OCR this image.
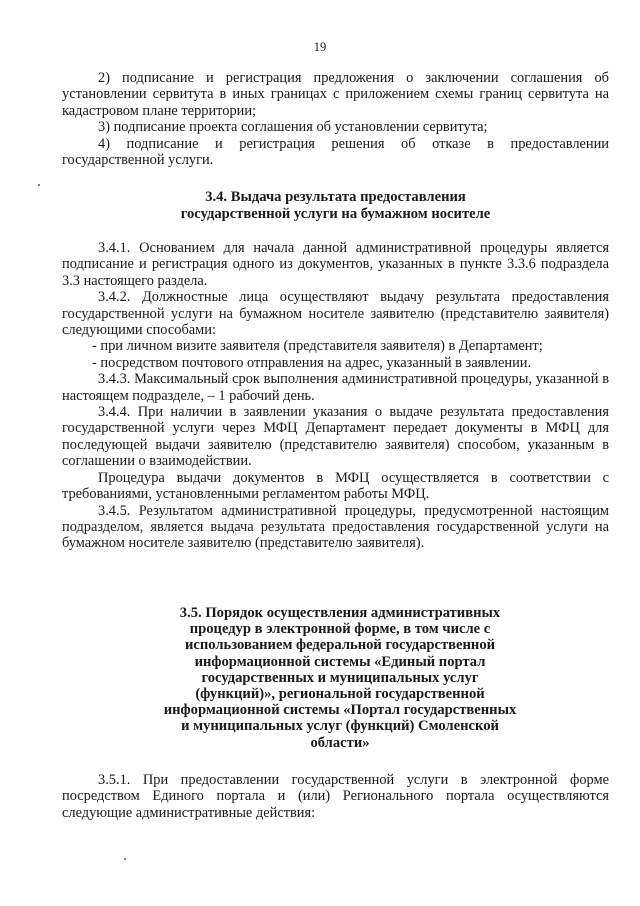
19

2) подписание и регистрация предложения о заключении соглашения об установлении сервитута в иных границах с приложением схемы границ сервитута на кадастровом плане территории;

3) подписание проекта соглашения об установлении сервитута;

4) подписание и регистрация решения об отказе в предоставлении государственной услуги.

3.4. Выдача результата предоставления
государственной услуги на бумажном носителе

3.4.1. Основанием для начала данной административной процедуры является подписание и регистрация одного из документов, указанных в пункте 3.3.6 подраздела 3.3 настоящего раздела.

3.4.2. Должностные лица осуществляют выдачу результата предоставления государственной услуги на бумажном носителе заявителю (представителю заявителя) следующими способами:

- при личном визите заявителя (представителя заявителя) в Департамент;

- посредством почтового отправления на адрес, указанный в заявлении.

3.4.3. Максимальный срок выполнения административной процедуры, указанной в настоящем подразделе, – 1 рабочий день.

3.4.4. При наличии в заявлении указания о выдаче результата предоставления государственной услуги через МФЦ Департамент передает документы в МФЦ для последующей выдачи заявителю (представителю заявителя) способом, указанным в соглашении о взаимодействии.

Процедура выдачи документов в МФЦ осуществляется в соответствии с требованиями, установленными регламентом работы МФЦ.

3.4.5. Результатом административной процедуры, предусмотренной настоящим подразделом, является выдача результата предоставления государственной услуги на бумажном носителе заявителю (представителю заявителя).

3.5. Порядок осуществления административных
процедур в электронной форме, в том числе с
использованием федеральной государственной
информационной системы «Единый портал
государственных и муниципальных услуг
(функций)», региональной государственной
информационной системы «Портал государственных
и муниципальных услуг (функций) Смоленской
области»

3.5.1. При предоставлении государственной услуги в электронной форме посредством Единого портала и (или) Регионального портала осуществляются следующие административные действия:
